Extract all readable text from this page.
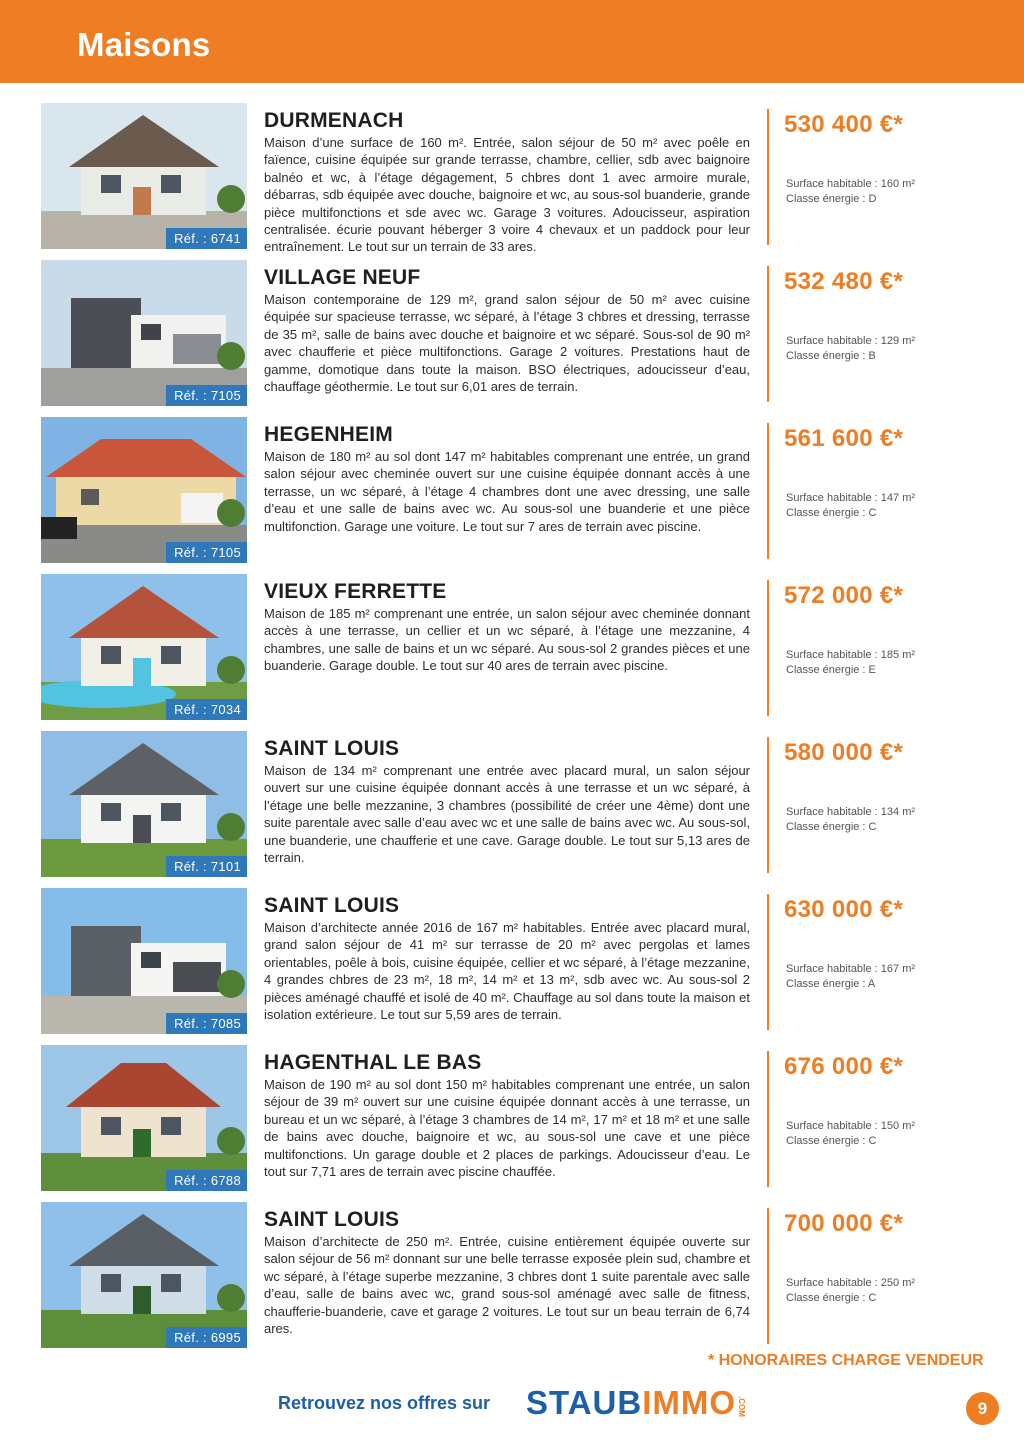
Maisons
Réf. : 6741
DURMENACH
Maison d’une surface de 160 m². Entrée, salon séjour de 50 m² avec poêle en faïence, cuisine équipée sur grande terrasse, chambre, cellier, sdb avec baignoire balnéo et wc, à l’étage dégagement, 5 chbres dont 1 avec armoire murale, débarras, sdb équipée avec douche, baignoire et wc, au sous-sol buanderie, grande pièce multifonctions et sde avec wc. Garage 3 voitures. Adoucisseur, aspiration centralisée. écurie pouvant héberger 3 voire 4 chevaux et un paddock pour leur entraînement. Le tout sur un terrain de 33 ares.
530 400 €*
Surface habitable : 160 m²
Classe énergie : D
Réf. : 7105
VILLAGE NEUF
Maison contemporaine de 129 m², grand salon séjour de 50 m² avec cuisine équipée sur spacieuse terrasse, wc séparé, à l’étage 3 chbres et dressing, terrasse de 35 m², salle de bains avec douche et baignoire et wc séparé. Sous-sol de 90 m² avec chaufferie et pièce multifonctions. Garage 2 voitures. Prestations haut de gamme, domotique dans toute la maison. BSO électriques, adoucisseur d’eau, chauffage géothermie. Le tout sur 6,01 ares de terrain.
532 480 €*
Surface habitable : 129 m²
Classe énergie : B
Réf. : 7105
HEGENHEIM
Maison de 180 m² au sol dont 147 m² habitables comprenant une entrée, un grand salon séjour avec cheminée ouvert sur une cuisine équipée donnant accès à une terrasse, un wc séparé, à l’étage 4 chambres dont une avec dressing, une salle d’eau et une salle de bains avec wc. Au sous-sol une buanderie et une pièce multifonction. Garage une voiture. Le tout sur 7 ares de terrain avec piscine.
561 600 €*
Surface habitable : 147 m²
Classe énergie : C
Réf. : 7034
VIEUX FERRETTE
Maison de 185 m² comprenant une entrée, un salon séjour avec cheminée donnant accès à une terrasse, un cellier et un wc séparé, à l’étage une mezzanine, 4 chambres, une salle de bains et un wc séparé. Au sous-sol 2 grandes pièces et une buanderie. Garage double. Le tout sur 40 ares de terrain avec piscine.
572 000 €*
Surface habitable : 185 m²
Classe énergie : E
Réf. : 7101
SAINT LOUIS
Maison de 134 m² comprenant une entrée avec placard mural, un salon séjour ouvert sur une cuisine équipée donnant accès à une terrasse et un wc séparé, à l’étage une belle mezzanine, 3 chambres (possibilité de créer une 4ème) dont une suite parentale avec salle d’eau avec wc et une salle de bains avec wc. Au sous-sol, une buanderie, une chaufferie et une cave. Garage double. Le tout sur 5,13 ares de terrain.
580 000 €*
Surface habitable : 134 m²
Classe énergie : C
Réf. : 7085
SAINT LOUIS
Maison d’architecte année 2016 de 167 m² habitables. Entrée avec placard mural, grand salon séjour de 41 m² sur terrasse de 20 m² avec pergolas et lames orientables, poêle à bois, cuisine équipée, cellier et wc séparé, à l’étage mezzanine, 4 grandes chbres de 23 m², 18 m², 14 m² et 13 m², sdb avec wc. Au sous-sol 2 pièces aménagé chauffé et isolé de 40 m². Chauffage au sol dans toute la maison et isolation extérieure. Le tout sur 5,59 ares de terrain.
630 000 €*
Surface habitable : 167 m²
Classe énergie : A
Réf. : 6788
HAGENTHAL LE BAS
Maison de 190 m² au sol dont 150 m² habitables comprenant une entrée, un salon séjour de 39 m² ouvert sur une cuisine équipée donnant accès à une terrasse, un bureau et un wc séparé, à l’étage 3 chambres de 14 m², 17 m² et 18 m² et une salle de bains avec douche, baignoire et wc, au sous-sol une cave et une pièce multifonctions. Un garage double et 2 places de parkings. Adoucisseur d’eau. Le tout sur 7,71 ares de terrain avec piscine chauffée.
676 000 €*
Surface habitable : 150 m²
Classe énergie : C
Réf. : 6995
SAINT LOUIS
Maison d’architecte de 250 m². Entrée, cuisine entièrement équipée ouverte sur salon séjour de 56 m² donnant sur une belle terrasse exposée plein sud, chambre et wc séparé, à l’étage superbe mezzanine, 3 chbres dont 1 suite parentale avec salle d’eau, salle de bains avec wc, grand sous-sol aménagé avec salle de fitness, chaufferie-buanderie, cave et garage 2 voitures. Le tout sur un beau terrain de 6,74 ares.
700 000 €*
Surface habitable : 250 m²
Classe énergie : C
* HONORAIRES CHARGE VENDEUR
Retrouvez nos offres sur STAUBIMMO .COM	9
